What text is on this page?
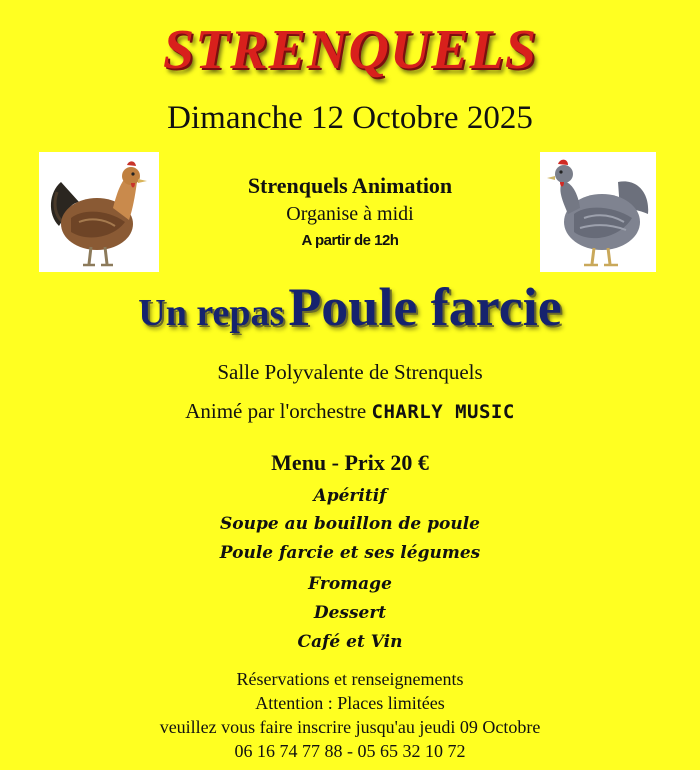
STRENQUELS
Dimanche 12 Octobre 2025
Strenquels Animation
Organise à midi
A partir de 12h
Un repas Poule farcie
Salle Polyvalente de Strenquels
Animé par l'orchestre CHARLY MUSIC
Menu - Prix 20 €
Apéritif
Soupe au bouillon de poule
Poule farcie et ses légumes
Fromage
Dessert
Café et Vin
Réservations et renseignements
Attention : Places limitées
veuillez vous faire inscrire jusqu'au jeudi 09 Octobre
06 16 74 77 88 - 05 65 32 10 72
